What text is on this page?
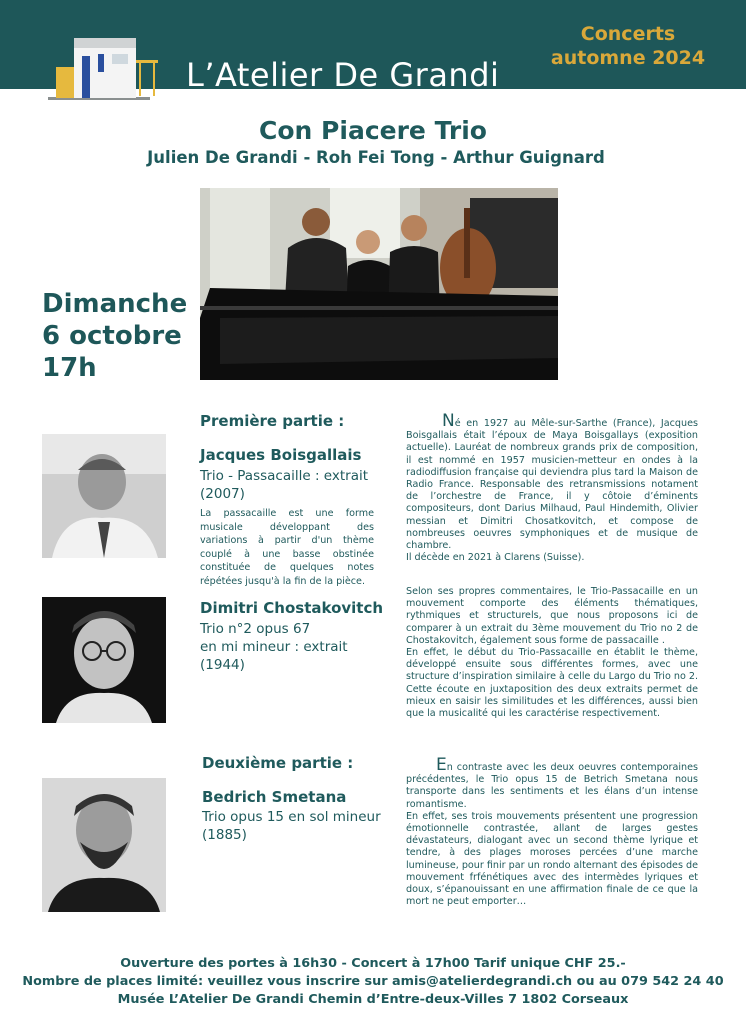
L’Atelier De Grandi
Concerts
automne 2024
Con Piacere Trio
Julien De Grandi - Roh Fei Tong - Arthur Guignard
Dimanche
6 octobre
17h
Première partie :
Jacques Boisgallais
Trio - Passacaille : extrait
(2007)
La passacaille est une forme musicale développant des variations à partir d'un thème couplé à une basse obstinée constituée de quelques notes répétées jusqu'à la fin de la pièce.
Né en 1927 au Mêle-sur-Sarthe (France), Jacques Boisgallais était l’époux de Maya Boisgallays (exposition actuelle). Lauréat de nombreux grands prix de composition, il est nommé en 1957 musicien-metteur en ondes à la radiodiffusion française qui deviendra plus tard la Maison de Radio France. Responsable des retransmissions notament de l’orchestre de France, il y côtoie d’éminents compositeurs, dont Darius Milhaud, Paul Hindemith, Olivier messian et Dimitri Chosatkovitch, et compose de nombreuses oeuvres symphoniques et de musique de chambre.
Il décède en 2021 à Clarens (Suisse).
Dimitri Chostakovitch
Trio n°2 opus 67
en mi mineur : extrait
(1944)
Selon ses propres commentaires, le Trio-Passacaille en un mouvement comporte des éléments thématiques, rythmiques et structurels, que nous proposons ici de comparer à un extrait du 3ème mouvement du Trio no 2 de Chostakovitch, également sous forme de passacaille .
En effet, le début du Trio-Passacaille en établit le thème, développé ensuite sous différentes formes, avec une structure d’inspiration similaire à celle du Largo du Trio no 2.
Cette écoute en juxtaposition des deux extraits permet de mieux en saisir les similitudes et les différences, aussi bien que la musicalité qui les caractérise respectivement.
Deuxième partie :
Bedrich Smetana
Trio opus 15 en sol mineur
(1885)
En contraste avec les deux oeuvres contemporaines précédentes, le Trio opus 15 de Betrich Smetana nous transporte dans les sentiments et les élans d’un intense romantisme.
En effet, ses trois mouvements présentent une progression émotionnelle contrastée, allant de larges gestes dévastateurs, dialogant avec un second thème lyrique et tendre, à des plages moroses percées d’une marche lumineuse, pour finir par un rondo alternant des épisodes de mouvement frfénétiques avec des intermèdes lyriques et doux, s’épanouissant en une affirmation finale de ce que la mort ne peut emporter…
Ouverture des portes à 16h30 - Concert à 17h00 Tarif unique CHF 25.-
Nombre de places limité: veuillez vous inscrire sur amis@atelierdegrandi.ch ou au 079 542 24 40
Musée L’Atelier De Grandi Chemin d’Entre-deux-Villes 7 1802 Corseaux
